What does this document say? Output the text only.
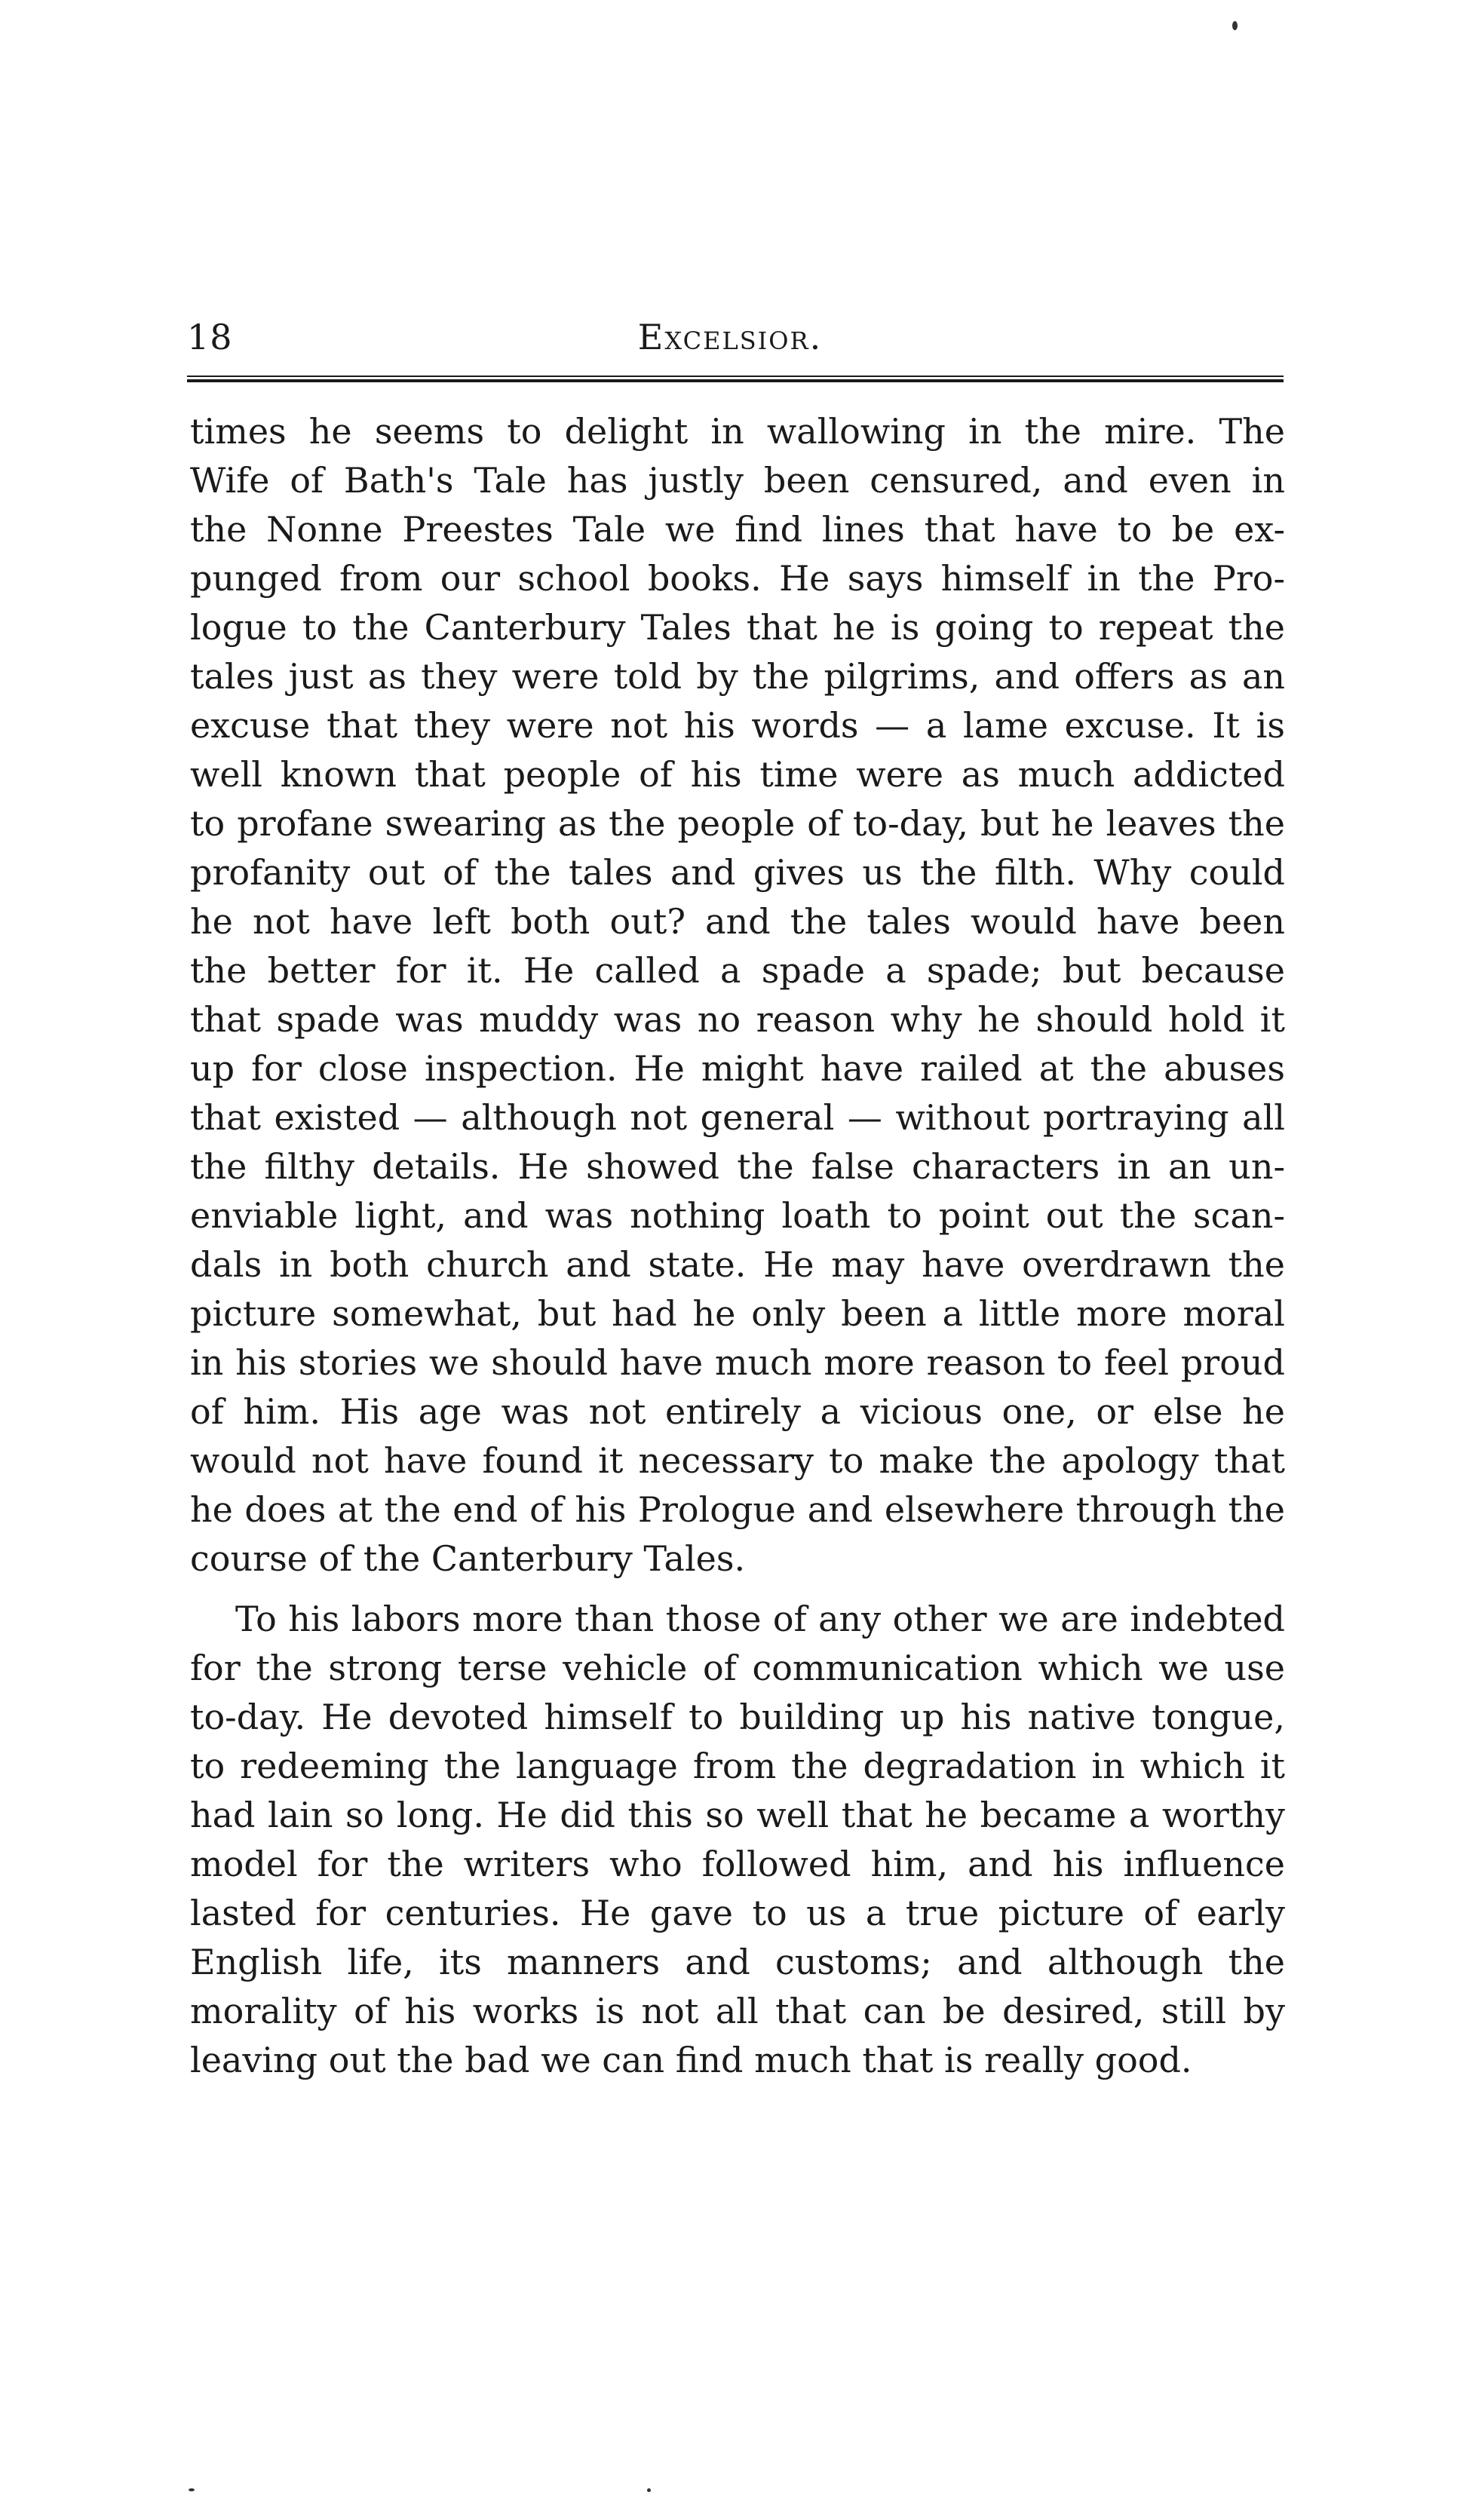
18	Excelsior.
times he seems to delight in wallowing in the mire. The
Wife of Bath's Tale has justly been censured, and even in
the Nonne Preestes Tale we find lines that have to be ex-
punged from our school books. He says himself in the Pro-
logue to the Canterbury Tales that he is going to repeat the
tales just as they were told by the pilgrims, and offers as an
excuse that they were not his words — a lame excuse. It is
well known that people of his time were as much addicted
to profane swearing as the people of to-day, but he leaves the
profanity out of the tales and gives us the filth. Why could
he not have left both out? and the tales would have been
the better for it. He called a spade a spade; but because
that spade was muddy was no reason why he should hold it
up for close inspection. He might have railed at the abuses
that existed — although not general — without portraying all
the filthy details. He showed the false characters in an un-
enviable light, and was nothing loath to point out the scan-
dals in both church and state. He may have overdrawn the
picture somewhat, but had he only been a little more moral
in his stories we should have much more reason to feel proud
of him. His age was not entirely a vicious one, or else he
would not have found it necessary to make the apology that
he does at the end of his Prologue and elsewhere through the
course of the Canterbury Tales.
To his labors more than those of any other we are indebted
for the strong terse vehicle of communication which we use
to-day. He devoted himself to building up his native tongue,
to redeeming the language from the degradation in which it
had lain so long. He did this so well that he became a worthy
model for the writers who followed him, and his influence
lasted for centuries. He gave to us a true picture of early
English life, its manners and customs; and although the
morality of his works is not all that can be desired, still by
leaving out the bad we can find much that is really good.
